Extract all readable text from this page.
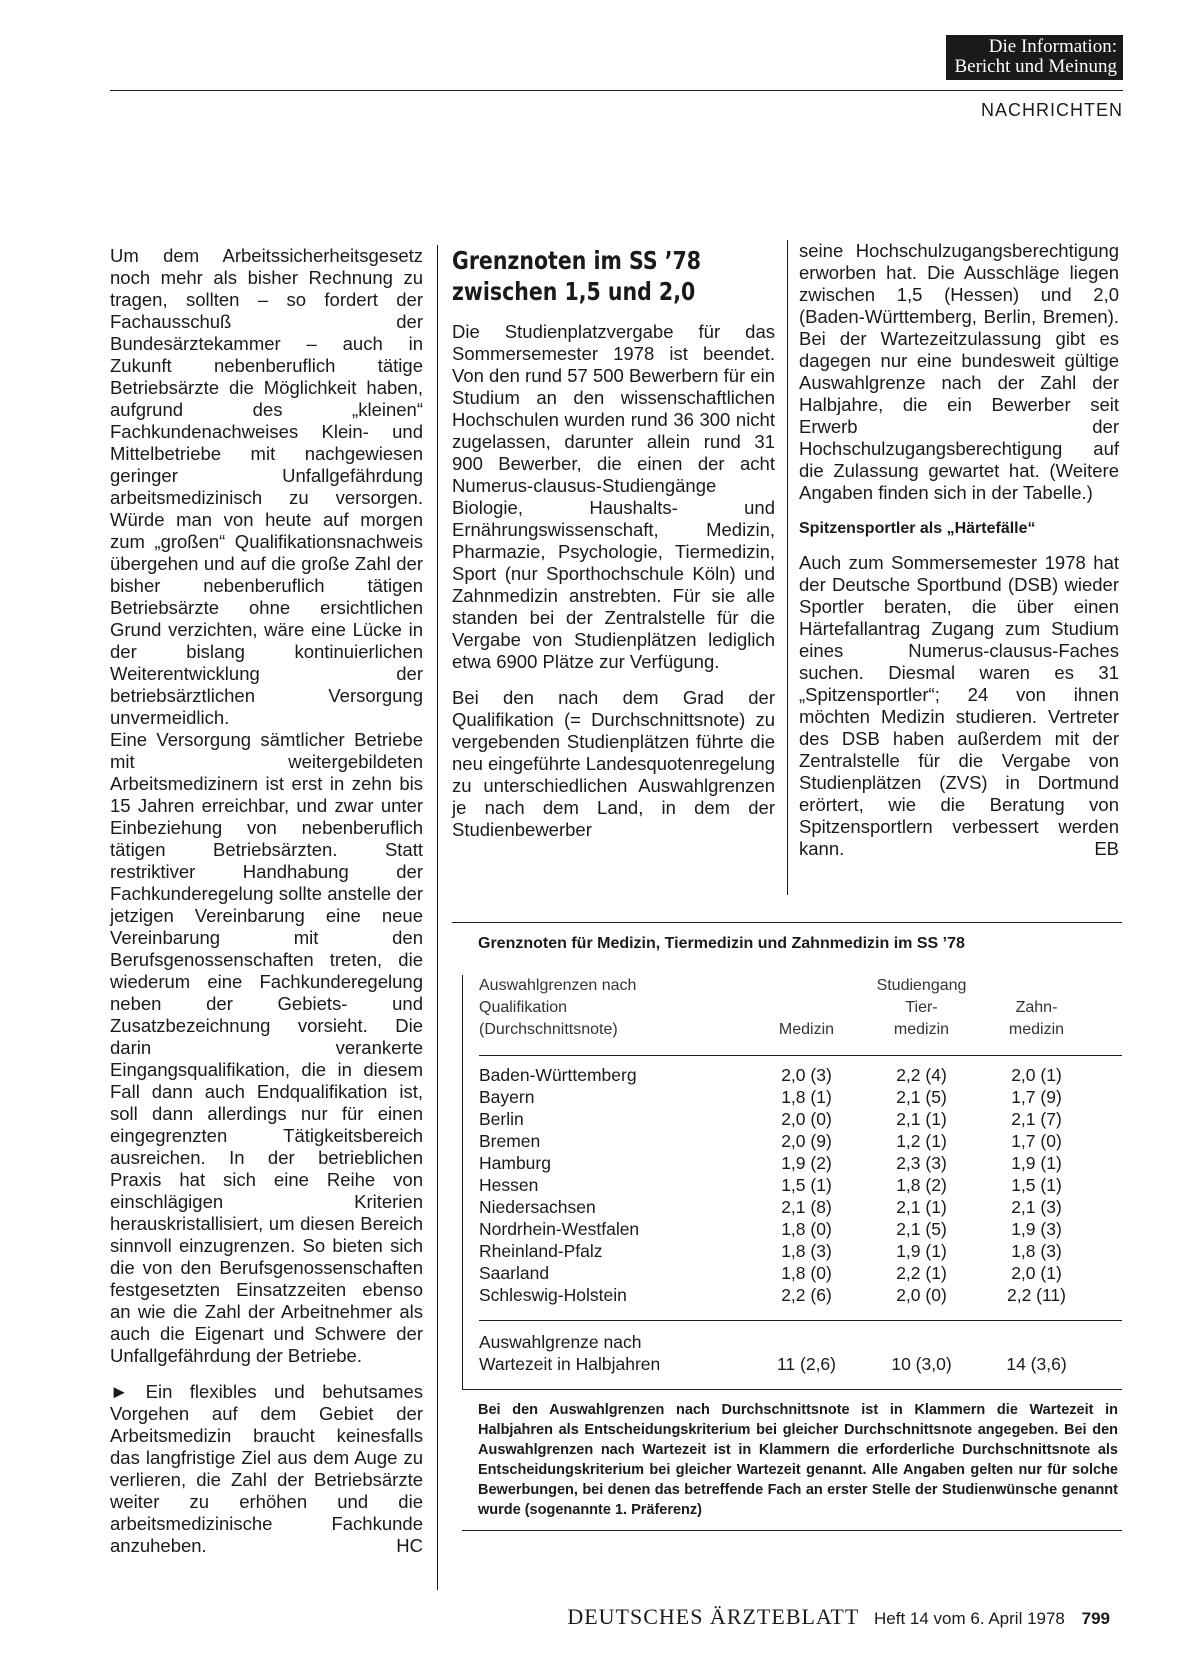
Die Information:
Bericht und Meinung
NACHRICHTEN

Um dem Arbeitssicherheitsgesetz noch mehr als bisher Rechnung zu tragen, sollten – so fordert der Fachausschuß der Bundesärztekammer – auch in Zukunft nebenberuflich tätige Betriebsärzte die Möglichkeit haben, aufgrund des „kleinen“ Fachkundenachweises Klein- und Mittelbetriebe mit nachgewiesen geringer Unfallgefährdung arbeitsmedizinisch zu versorgen. Würde man von heute auf morgen zum „großen“ Qualifikationsnachweis übergehen und auf die große Zahl der bisher nebenberuflich tätigen Betriebsärzte ohne ersichtlichen Grund verzichten, wäre eine Lücke in der bislang kontinuierlichen Weiterentwicklung der betriebsärztlichen Versorgung unvermeidlich.

Eine Versorgung sämtlicher Betriebe mit weitergebildeten Arbeitsmedizinern ist erst in zehn bis 15 Jahren erreichbar, und zwar unter Einbeziehung von nebenberuflich tätigen Betriebsärzten. Statt restriktiver Handhabung der Fachkunderegelung sollte anstelle der jetzigen Vereinbarung eine neue Vereinbarung mit den Berufsgenossenschaften treten, die wiederum eine Fachkunderegelung neben der Gebiets- und Zusatzbezeichnung vorsieht. Die darin verankerte Eingangsqualifikation, die in diesem Fall dann auch Endqualifikation ist, soll dann allerdings nur für einen eingegrenzten Tätigkeitsbereich ausreichen. In der betrieblichen Praxis hat sich eine Reihe von einschlägigen Kriterien herauskristallisiert, um diesen Bereich sinnvoll einzugrenzen. So bieten sich die von den Berufsgenossenschaften festgesetzten Einsatzzeiten ebenso an wie die Zahl der Arbeitnehmer als auch die Eigenart und Schwere der Unfallgefährdung der Betriebe.

► Ein flexibles und behutsames Vorgehen auf dem Gebiet der Arbeitsmedizin braucht keinesfalls das langfristige Ziel aus dem Auge zu verlieren, die Zahl der Betriebsärzte weiter zu erhöhen und die arbeitsmedizinische Fachkunde anzuheben.	HC

Grenznoten im SS ’78 zwischen 1,5 und 2,0

Die Studienplatzvergabe für das Sommersemester 1978 ist beendet. Von den rund 57 500 Bewerbern für ein Studium an den wissenschaftlichen Hochschulen wurden rund 36 300 nicht zugelassen, darunter allein rund 31 900 Bewerber, die einen der acht Numerus-clausus-Studiengänge Biologie, Haushalts- und Ernährungswissenschaft, Medizin, Pharmazie, Psychologie, Tiermedizin, Sport (nur Sporthochschule Köln) und Zahnmedizin anstrebten. Für sie alle standen bei der Zentralstelle für die Vergabe von Studienplätzen lediglich etwa 6900 Plätze zur Verfügung.

Bei den nach dem Grad der Qualifikation (= Durchschnittsnote) zu vergebenden Studienplätzen führte die neu eingeführte Landesquotenregelung zu unterschiedlichen Auswahlgrenzen je nach dem Land, in dem der Studienbewerber

seine Hochschulzugangsberechtigung erworben hat. Die Ausschläge liegen zwischen 1,5 (Hessen) und 2,0 (Baden-Württemberg, Berlin, Bremen). Bei der Wartezeitzulassung gibt es dagegen nur eine bundesweit gültige Auswahlgrenze nach der Zahl der Halbjahre, die ein Bewerber seit Erwerb der Hochschulzugangsberechtigung auf die Zulassung gewartet hat. (Weitere Angaben finden sich in der Tabelle.)

Spitzensportler als „Härtefälle“

Auch zum Sommersemester 1978 hat der Deutsche Sportbund (DSB) wieder Sportler beraten, die über einen Härtefallantrag Zugang zum Studium eines Numerus-clausus-Faches suchen. Diesmal waren es 31 „Spitzensportler“; 24 von ihnen möchten Medizin studieren. Vertreter des DSB haben außerdem mit der Zentralstelle für die Vergabe von Studienplätzen (ZVS) in Dortmund erörtert, wie die Beratung von Spitzensportlern verbessert werden kann.	EB

Grenznoten für Medizin, Tiermedizin und Zahnmedizin im SS ’78
Auswahlgrenzen nach
Qualifikation
(Durchschnittsnote)	Medizin
Studiengang
Tier-
medizin
Zahn-
medizin
Baden-Württemberg	2,0 (3)	2,2 (4)	2,0 (1)
Bayern	1,8 (1)	2,1 (5)	1,7 (9)
Berlin	2,0 (0)	2,1 (1)	2,1 (7)
Bremen	2,0 (9)	1,2 (1)	1,7 (0)
Hamburg	1,9 (2)	2,3 (3)	1,9 (1)
Hessen	1,5 (1)	1,8 (2)	1,5 (1)
Niedersachsen	2,1 (8)	2,1 (1)	2,1 (3)
Nordrhein-Westfalen	1,8 (0)	2,1 (5)	1,9 (3)
Rheinland-Pfalz	1,8 (3)	1,9 (1)	1,8 (3)
Saarland	1,8 (0)	2,2 (1)	2,0 (1)
Schleswig-Holstein	2,2 (6)	2,0 (0)	2,2 (11)
Auswahlgrenze nach
Wartezeit in Halbjahren	11 (2,6)	10 (3,0)	14 (3,6)
Bei den Auswahlgrenzen nach Durchschnittsnote ist in Klammern die Wartezeit in Halbjahren als Entscheidungskriterium bei gleicher Durchschnittsnote angegeben. Bei den Auswahlgrenzen nach Wartezeit ist in Klammern die erforderliche Durchschnittsnote als Entscheidungskriterium bei gleicher Wartezeit genannt. Alle Angaben gelten nur für solche Bewerbungen, bei denen das betreffende Fach an erster Stelle der Studienwünsche genannt wurde (sogenannte 1. Präferenz)
DEUTSCHES ÄRZTEBLATT Heft 14 vom 6. April 1978 799
